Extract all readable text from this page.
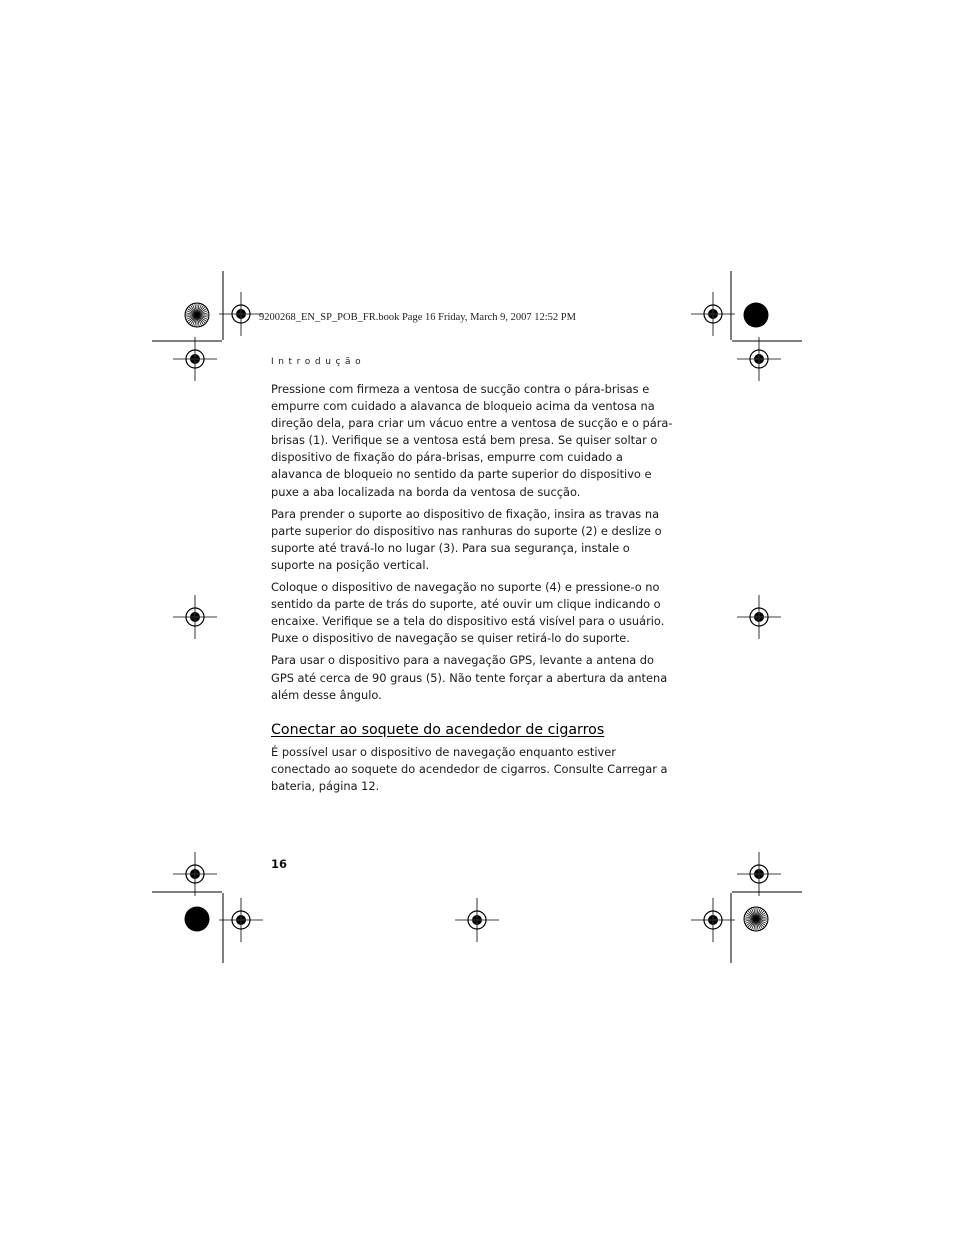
9200268_EN_SP_POB_FR.book Page 16 Friday, March 9, 2007 12:52 PM
Introdução

Pressione com firmeza a ventosa de sucção contra o pára-brisas e empurre com cuidado a alavanca de bloqueio acima da ventosa na direção dela, para criar um vácuo entre a ventosa de sucção e o pára-brisas (1). Verifique se a ventosa está bem presa. Se quiser soltar o dispositivo de fixação do pára-brisas, empurre com cuidado a alavanca de bloqueio no sentido da parte superior do dispositivo e puxe a aba localizada na borda da ventosa de sucção.

Para prender o suporte ao dispositivo de fixação, insira as travas na parte superior do dispositivo nas ranhuras do suporte (2) e deslize o suporte até travá-lo no lugar (3). Para sua segurança, instale o suporte na posição vertical.

Coloque o dispositivo de navegação no suporte (4) e pressione-o no sentido da parte de trás do suporte, até ouvir um clique indicando o encaixe. Verifique se a tela do dispositivo está visível para o usuário. Puxe o dispositivo de navegação se quiser retirá-lo do suporte.

Para usar o dispositivo para a navegação GPS, levante a antena do GPS até cerca de 90 graus (5). Não tente forçar a abertura da antena além desse ângulo.

Conectar ao soquete do acendedor de cigarros

É possível usar o dispositivo de navegação enquanto estiver conectado ao soquete do acendedor de cigarros. Consulte Carregar a bateria, página 12.

16
